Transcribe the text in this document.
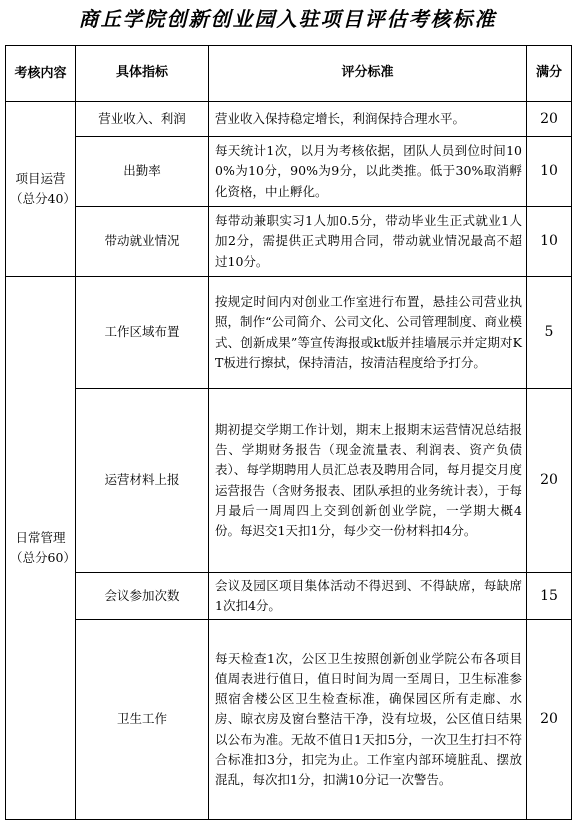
商丘学院创新创业园入驻项目评估考核标准
考核内容	具体指标	评分标准	满分
项目运营（总分40）	营业收入、利润	营业收入保持稳定增长，利润保持合理水平。	20
	出勤率	每天统计1次，以月为考核依据，团队人员到位时间100%为10分，90%为9分，以此类推。低于30%取消孵化资格，中止孵化。	10
	带动就业情况	每带动兼职实习1人加0.5分，带动毕业生正式就业1人加2分，需提供正式聘用合同，带动就业情况最高不超过10分。	10
日常管理（总分60）	工作区域布置	按规定时间内对创业工作室进行布置，悬挂公司营业执照，制作“公司简介、公司文化、公司管理制度、商业模式、创新成果”等宣传海报或kt版并挂墙展示并定期对KT板进行擦拭，保持清洁，按清洁程度给予打分。	5
	运营材料上报	期初提交学期工作计划，期末上报期末运营情况总结报告、学期财务报告（现金流量表、利润表、资产负债表）、每学期聘用人员汇总表及聘用合同，每月提交月度运营报告（含财务报表、团队承担的业务统计表），于每月最后一周周四上交到创新创业学院，一学期大概4份。每迟交1天扣1分，每少交一份材料扣4分。	20
	会议参加次数	会议及园区项目集体活动不得迟到、不得缺席，每缺席1次扣4分。	15
	卫生工作	每天检查1次，公区卫生按照创新创业学院公布各项目值周表进行值日，值日时间为周一至周日，卫生标准参照宿舍楼公区卫生检查标准，确保园区所有走廊、水房、晾衣房及窗台整洁干净，没有垃圾，公区值日结果以公布为准。无故不值日1天扣5分，一次卫生打扫不符合标准扣3分，扣完为止。工作室内部环境脏乱、摆放混乱，每次扣1分，扣满10分记一次警告。	20
